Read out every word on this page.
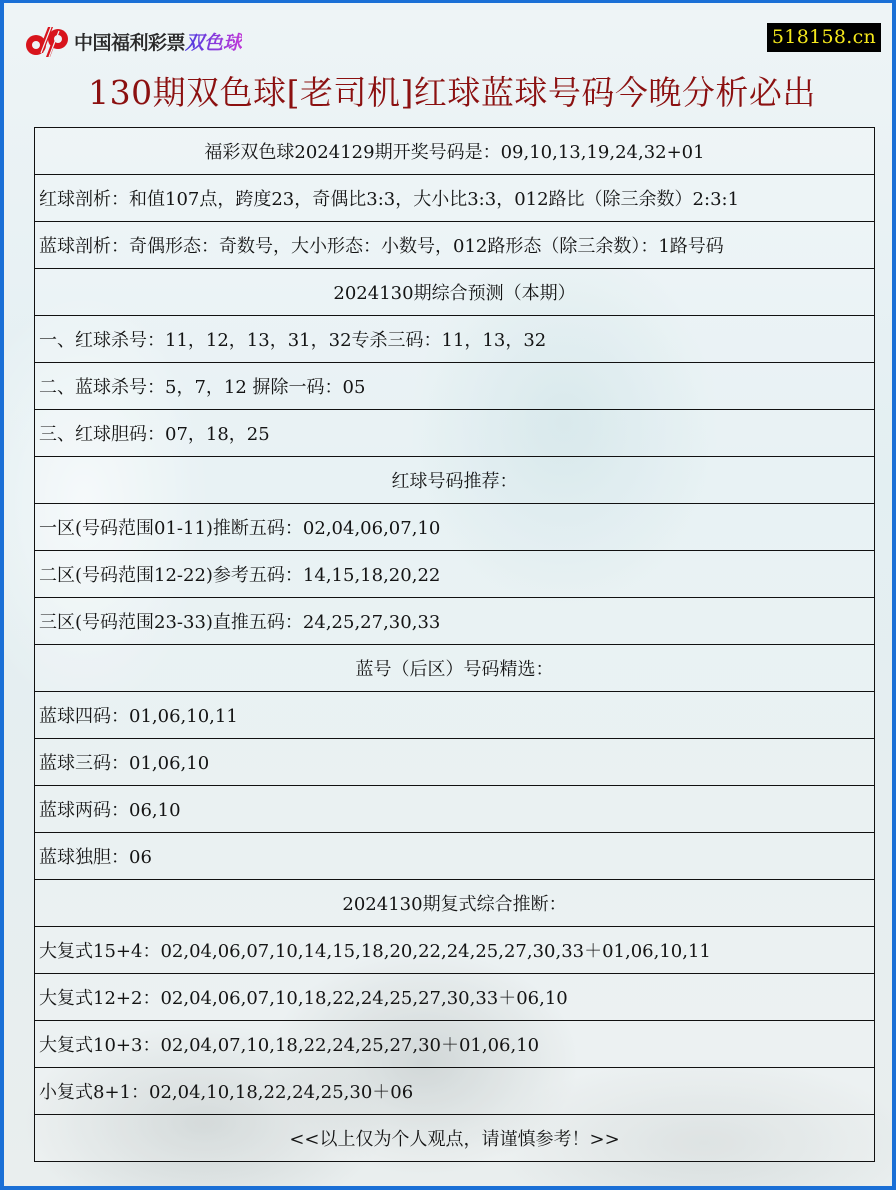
中国福利彩票 双色球	518158.cn
130期双色球[老司机]红球蓝球号码今晚分析必出
福彩双色球2024129期开奖号码是：09,10,13,19,24,32+01
红球剖析：和值107点，跨度23，奇偶比3:3，大小比3:3，012路比（除三余数）2:3:1
蓝球剖析：奇偶形态：奇数号，大小形态：小数号，012路形态（除三余数）：1路号码
2024130期综合预测（本期）
一、红球杀号：11，12，13，31，32专杀三码：11，13，32
二、蓝球杀号：5，7，12 摒除一码：05
三、红球胆码：07，18，25
红球号码推荐：
一区(号码范围01-11)推断五码：02,04,06,07,10
二区(号码范围12-22)参考五码：14,15,18,20,22
三区(号码范围23-33)直推五码：24,25,27,30,33
蓝号（后区）号码精选：
蓝球四码：01,06,10,11
蓝球三码：01,06,10
蓝球两码：06,10
蓝球独胆：06
2024130期复式综合推断：
大复式15+4：02,04,06,07,10,14,15,18,20,22,24,25,27,30,33＋01,06,10,11
大复式12+2：02,04,06,07,10,18,22,24,25,27,30,33＋06,10
大复式10+3：02,04,07,10,18,22,24,25,27,30＋01,06,10
小复式8+1：02,04,10,18,22,24,25,30＋06
<<以上仅为个人观点，请谨慎参考！>>
